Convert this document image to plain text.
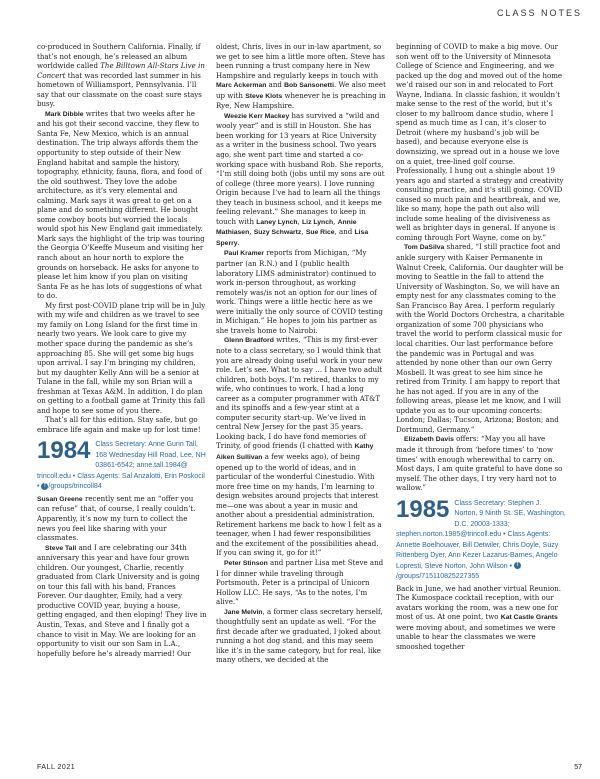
CLASS NOTES

co-produced in Southern California. Finally, if that’s not enough, he’s released an album worldwide called The Billtown All-Stars Live in Concert that was recorded last summer in his hometown of Williamsport, Pennsylvania. I’ll say that our classmate on the coast sure stays busy.

Mark Dibble writes that two weeks after he and his got their second vaccine, they flew to Santa Fe, New Mexico, which is an annual destination. The trip always affords them the opportunity to step outside of their New England habitat and sample the history, topography, ethnicity, fauna, flora, and food of the old southwest. They love the adobe architecture, as it’s very elemental and calming. Mark says it was great to get on a plane and do something different. He bought some cowboy boots but worried the locals would spot his New England gait immediately. Mark says the highlight of the trip was touring the Georgia O’Keeffe Museum and visiting her ranch about an hour north to explore the grounds on horseback. He asks for anyone to please let him know if you plan on visiting Santa Fe as he has lots of suggestions of what to do.

My first post-COVID plane trip will be in July with my wife and children as we travel to see my family on Long Island for the first time in nearly two years. We look care to give my mother space during the pandemic as she’s approaching 85. She will get some big hugs upon arrival. I say I’m bringing my children, but my daughter Kelly Ann will be a senior at Tulane in the fall, while my son Brian will a freshman at Texas A&M. In addition, I do plan on getting to a football game at Trinity this fall and hope to see some of you there.

That’s all for this edition. Stay safe, but go embrace life again and make up for lost time!

1984 Class Secretary: Anne Gurin Tall, 168 Wednesday Hill Road, Lee, NH 03861-6542; anne.tall.1984@ trincoll.edu • Class Agents: Sal Anzalotti, Erin Poskocil • f /groups/trincoll84

Susan Greene recently sent me an “offer you can refuse” that, of course, I really couldn’t. Apparently, it’s now my turn to collect the news you feel like sharing with your classmates.

Steve Tall and I are celebrating our 34th anniversary this year and have four grown children. Our youngest, Charlie, recently graduated from Clark University and is going on tour this fall with his band, Frances Forever. Our daughter, Emily, had a very productive COVID year, buying a house, getting engaged, and then eloping! They live in Austin, Texas, and Steve and I finally got a chance to visit in May. We are looking for an opportunity to visit our son Sam in L.A., hopefully before he’s already married! Our

oldest, Chris, lives in our in-law apartment, so we get to see him a little more often. Steve has been running a trust company here in New Hampshire and regularly keeps in touch with Marc Ackerman and Bob Sansonetti. We also meet up with Steve Klots whenever he is preaching in Rye, New Hampshire.

Weezie Kerr Mackey has survived a “wild and wooly year” and is still in Houston. She has been working for 13 years at Rice University as a writer in the business school. Two years ago, she went part time and started a co-working space with husband Rob. She reports, “I’m still doing both (jobs until my sons are out of college (three more years). I love running Origin because I’ve had to learn all the things they teach in business school, and it keeps me feeling relevant.” She manages to keep in touch with Laney Lynch, Liz Lynch, Annie Mathiasen, Suzy Schwartz, Sue Rice, and Lisa Sperry.

Paul Kramer reports from Michigan, “My partner (an R.N.) and I (public health laboratory LIMS administrator) continued to work in-person throughout, as working remotely was/is not an option for our lines of work. Things were a little hectic here as we were initially the only source of COVID testing in Michigan.” He hopes to join his partner as she travels home to Nairobi.

Glenn Bradford writes, “This is my first-ever note to a class secretary, so I would think that you are already doing useful work in your new role. Let’s see. What to say … I have two adult children, both boys. I’m retired, thanks to my wife, who continues to work. I had a long career as a computer programmer with AT&T and its spinoffs and a few-year stint at a computer security start-up. We’ve lived in central New Jersey for the past 35 years. Looking back, I do have fond memories of Trinity, of good friends (I chatted with Kathy Aiken Sullivan a few weeks ago), of being opened up to the world of ideas, and in particular of the wonderful Cinestudio. With more free time on my hands, I’m learning to design websites around projects that interest me—one was about a year in music and another about a presidential administration. Retirement harkens me back to how I felt as a teenager, when I had fewer responsibilities and the excitement of the possibilities ahead. If you can swing it, go for it!”

Peter Stinson and partner Lisa met Steve and I for dinner while traveling through Portsmouth. Peter is a principal of Unicorn Hollow LLC. He says, “As to the notes, I’m alive.”

Jane Melvin, a former class secretary herself, thoughtfully sent an update as well. “For the first decade after we graduated, I joked about running a hot dog stand, and this may seem like it’s in the same category, but for real, like many others, we decided at the

beginning of COVID to make a big move. Our son went off to the University of Minnesota College of Science and Engineering, and we packed up the dog and moved out of the home we’d raised our son in and relocated to Fort Wayne, Indiana. In classic fashion, it wouldn’t make sense to the rest of the world, but it’s closer to my ballroom dance studio, where I spend as much time as I can, it’s closer to Detroit (where my husband’s job will be based), and because everyone else is downsizing, we spread out in a house we love on a quiet, tree-lined golf course. Professionally, I hung out a shingle about 19 years ago and started a strategy and creativity consulting practice, and it’s still going. COVID caused so much pain and heartbreak, and we, like so many, hope the path out also will include some healing of the divisiveness as well as brighter days in general. If anyone is coming through Fort Wayne, come on by.”

Tom DaSilva shared, “I still practice foot and ankle surgery with Kaiser Permanente in Walnut Creek, California. Our daughter will be moving to Seattle in the fall to attend the University of Washington. So, we will have an empty nest for any classmates coming to the San Francisco Bay Area. I perform regularly with the World Doctors Orchestra, a charitable organization of some 700 physicians who travel the world to perform classical music for local charities. Our last performance before the pandemic was in Portugal and was attended by none other than our own Gerry Mosbell. It was great to see him since he retired from Trinity. I am happy to report that he has not aged. If you are in any of the following areas, please let me know, and I will update you as to our upcoming concerts: London; Dallas; Tucson, Arizona; Boston; and Dortmund, Germany.”

Elizabeth Davis offers: “May you all have made it through from ‘before times’ to ‘now times’ with enough wherewithal to carry on. Most days, I am quite grateful to have done so myself. The other days, I try very hard not to wallow.”

1985 Class Secretary: Stephen J. Norton, 9 Ninth St. SE, Washington, D.C. 20003-1333; stephen.norton.1985@trincoll.edu • Class Agents: Annette Boelhouwer, Bill Detwiler, Chris Doyle, Suzy Rittenberg Dyer, Ann Kezer Lazarus-Barnes, Angelo Lopresti, Steve Norton, John Wilson • f/groups/715110825227355

Back in June, we had another virtual Reunion. The Kumospace cocktail reception, with our avatars working the room, was a new one for most of us. At one point, two Kat Castle Grants were moving about, and sometimes we were unable to hear the classmates we were smooshed together

FALL 2021	57
